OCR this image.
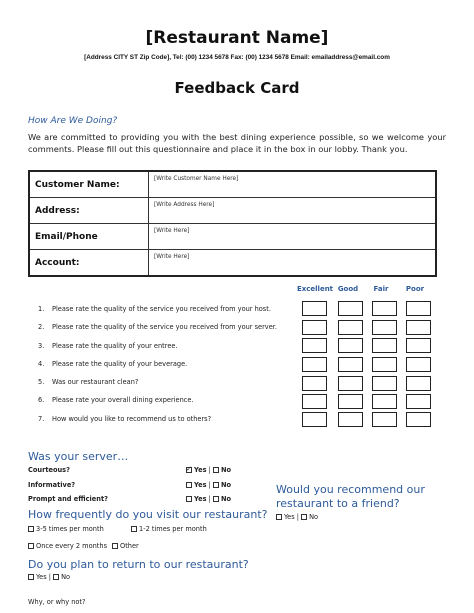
[Restaurant Name]
[Address CITY ST Zip Code], Tel: (00) 1234 5678 Fax: (00) 1234 5678 Email: emailaddress@email.com
Feedback Card
How Are We Doing?
We are committed to providing you with the best dining experience possible, so we welcome your comments. Please fill out this questionnaire and place it in the box in our lobby. Thank you.
Customer Name:	[Write Customer Name Here]
Address:	[Write Address Here]
Email/Phone	[Write Here]
Account:	[Write Here]
Excellent Good	Fair	Poor
1. Please rate the quality of the service you received from your host.
2. Please rate the quality of the service you received from your server.
3. Please rate the quality of your entree.
4. Please rate the quality of your beverage.
5. Was our restaurant clean?
6. Please rate your overall dining experience.
7. How would you like to recommend us to others?
Was your server…
Courteous? ✓	Yes | No
Informative?	Yes | No
Prompt and efficient?	Yes | No
How frequently do you visit our restaurant?
3-5 times per month	1-2 times per month
Once every 2 months	Other
Do you plan to return to our restaurant?
Yes | No
Why, or why not?
Would you recommend our restaurant to a friend?
Yes | No
